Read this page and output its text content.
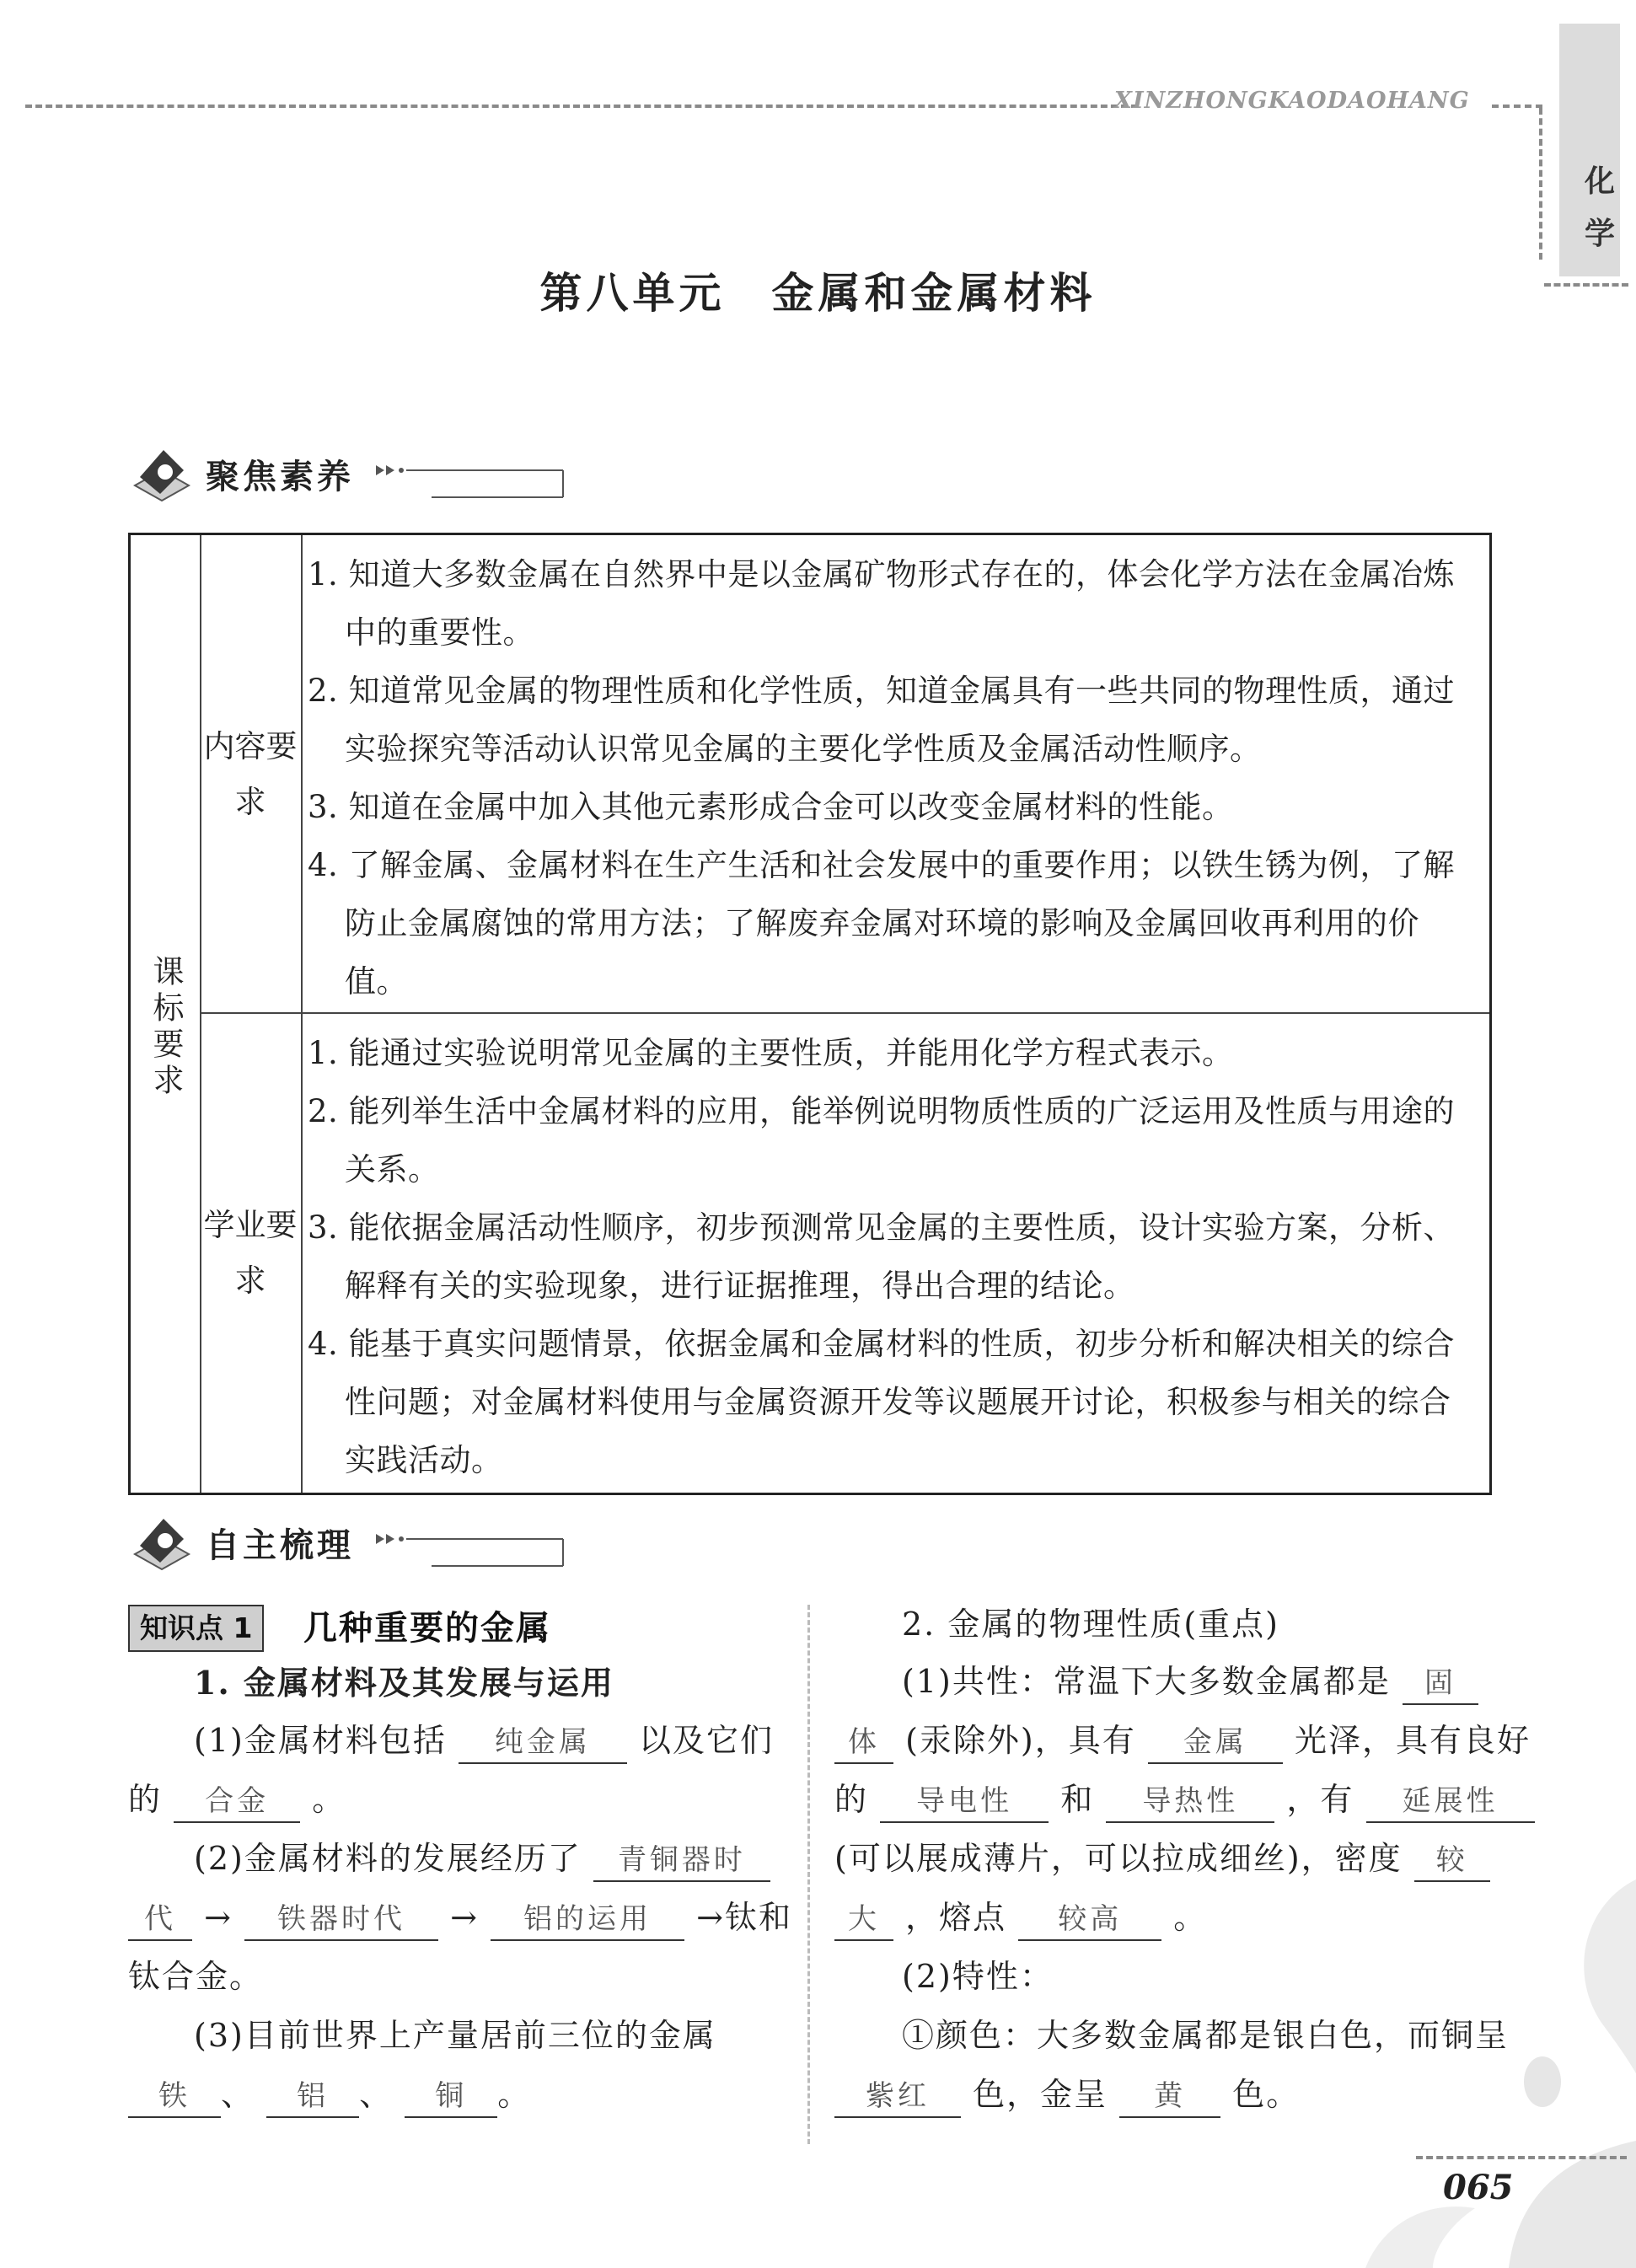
XINZHONGKAODAOHANG
化学
第八单元　金属和金属材料
聚焦素养
课标要求
内容要求
学业要求
1. 知道大多数金属在自然界中是以金属矿物形式存在的，体会化学方法在金属冶炼中的重要性。
2. 知道常见金属的物理性质和化学性质，知道金属具有一些共同的物理性质，通过实验探究等活动认识常见金属的主要化学性质及金属活动性顺序。
3. 知道在金属中加入其他元素形成合金可以改变金属材料的性能。
4. 了解金属、金属材料在生产生活和社会发展中的重要作用；以铁生锈为例，了解防止金属腐蚀的常用方法；了解废弃金属对环境的影响及金属回收再利用的价值。
1. 能通过实验说明常见金属的主要性质，并能用化学方程式表示。
2. 能列举生活中金属材料的应用，能举例说明物质性质的广泛运用及性质与用途的关系。
3. 能依据金属活动性顺序，初步预测常见金属的主要性质，设计实验方案，分析、解释有关的实验现象，进行证据推理，得出合理的结论。
4. 能基于真实问题情景，依据金属和金属材料的性质，初步分析和解决相关的综合性问题；对金属材料使用与金属资源开发等议题展开讨论，积极参与相关的综合实践活动。
自主梳理
知识点 1	几种重要的金属
1. 金属材料及其发展与运用
(1)金属材料包括 纯金属 以及它们
的 合金 。
(2)金属材料的发展经历了 青铜器时
代 → 铁器时代 → 铝的运用 →钛和
钛合金。
(3)目前世界上产量居前三位的金属
铁 、 铝 、 铜 。
2. 金属的物理性质(重点)
(1)共性：常温下大多数金属都是 固
体 (汞除外)，具有 金属 光泽，具有良好
的 导电性 和 导热性 ，有 延展性
(可以展成薄片，可以拉成细丝)，密度 较
大 ，熔点 较高 。
(2)特性：
①颜色：大多数金属都是银白色，而铜呈
紫红 色，金呈 黄 色。
065
